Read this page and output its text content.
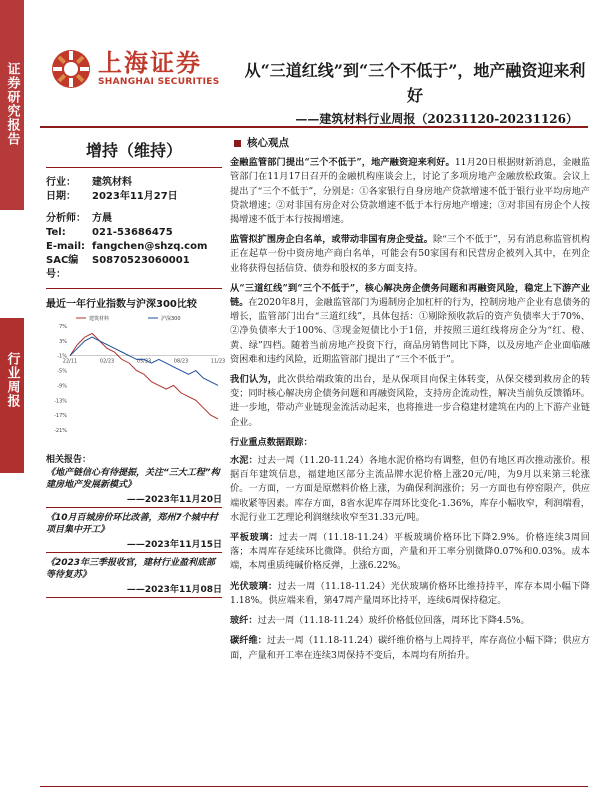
证券研究报告
行业周报
上海证券
SHANGHAI SECURITIES
从“三道红线”到“三个不低于”，地产融资迎来利好
——建筑材料行业周报（20231120-20231126）
增持（维持）
行业：	建筑材料
日期：	2023年11月27日
分析师： 方晨
Tel:	021-53686475
E-mail: fangchen@shzq.com
SAC编号：
S0870523060001
最近一年行业指数与沪深300比较
7%
3%
-1%
-5%
-9%
-13%
-17%
-21%
22/11	02/23	05/23	08/23	11/23
建筑材料	沪深300
相关报告：
《地产链信心有待提振，关注“三大工程”构建房地产发展新模式》
——2023年11月20日
《10月百城房价环比改善，郑州7个城中村项目集中开工》
——2023年11月15日
《2023年三季报收官，建材行业盈利底部等待复苏》
——2023年11月08日
核心观点
金融监管部门提出“三个不低于”，地产融资迎来利好。11月20日根据财新消息，金融监管部门在11月17日召开的金融机构座谈会上，讨论了多项房地产金融放松政策。会议上提出了“三个不低于”，分别是：①各家银行自身房地产贷款增速不低于银行业平均房地产贷款增速；②对非国有房企对公贷款增速不低于本行房地产增速；③对非国有房企个人按揭增速不低于本行按揭增速。
监管拟扩围房企白名单，或带动非国有房企受益。除“三个不低于”，另有消息称监管机构正在起草一份中资房地产商白名单，可能会有50家国有和民营房企被列入其中，在列企业将获得包括信贷、债券和股权的多方面支持。
从“三道红线”到“三个不低于”，核心解决房企债务问题和再融资风险，稳定上下游产业链。在2020年8月，金融监管部门为遏制房企加杠杆的行为，控制房地产企业有息债务的增长，监管部门出台“三道红线”，具体包括：①剔除预收款后的资产负债率大于70%、②净负债率大于100%、③现金短债比小于1倍，并按照三道红线将房企分为“红、橙、黄、绿”四档。随着当前房地产投资下行，商品房销售同比下降，以及房地产企业面临融资困难和违约风险，近期监管部门提出了“三个不低于”。
我们认为，此次供给端政策的出台，是从保项目向保主体转变，从保交楼到救房企的转变；同时核心解决房企债务问题和再融资风险，支持房企流动性，解决当前负反馈循环。进一步地，带动产业链现金流活动起来，也将推进一步合稳建材建筑在内的上下游产业链企业。
行业重点数据跟踪：
水泥：过去一周（11.20-11.24）各地水泥价格均有调整，但仍有地区再次推动涨价。根据百年建筑信息，福建地区部分主流品牌水泥价格上涨20元/吨，为9月以来第三轮涨价。一方面，一方面是原燃料价格上涨，为确保利润涨价；另一方面也有停窑限产，供应端收紧等因素。库存方面，8省水泥库存周环比变化-1.36%，库存小幅收窄，利润端看，水泥行业工艺理论利润继续收窄至31.33元/吨。
平板玻璃：过去一周（11.18-11.24）平板玻璃价格环比下降2.9%。价格连续3周回落；本周库存延续环比微降。供给方面，产量和开工率分别微降0.07%和0.03%。成本端，本周重质纯碱价格反弹，上涨6.22%。
光伏玻璃：过去一周（11.18-11.24）光伏玻璃价格环比维持持平，库存本周小幅下降1.18%。供应端来看，第47周产量周环比持平，连续6周保持稳定。
玻纤：过去一周（11.18-11.24）玻纤价格低位回落，周环比下降4.5%。
碳纤维：过去一周（11.18-11.24）碳纤维价格与上周持平，库存高位小幅下降；供应方面，产量和开工率在连续3周保持不变后，本周均有所抬升。
